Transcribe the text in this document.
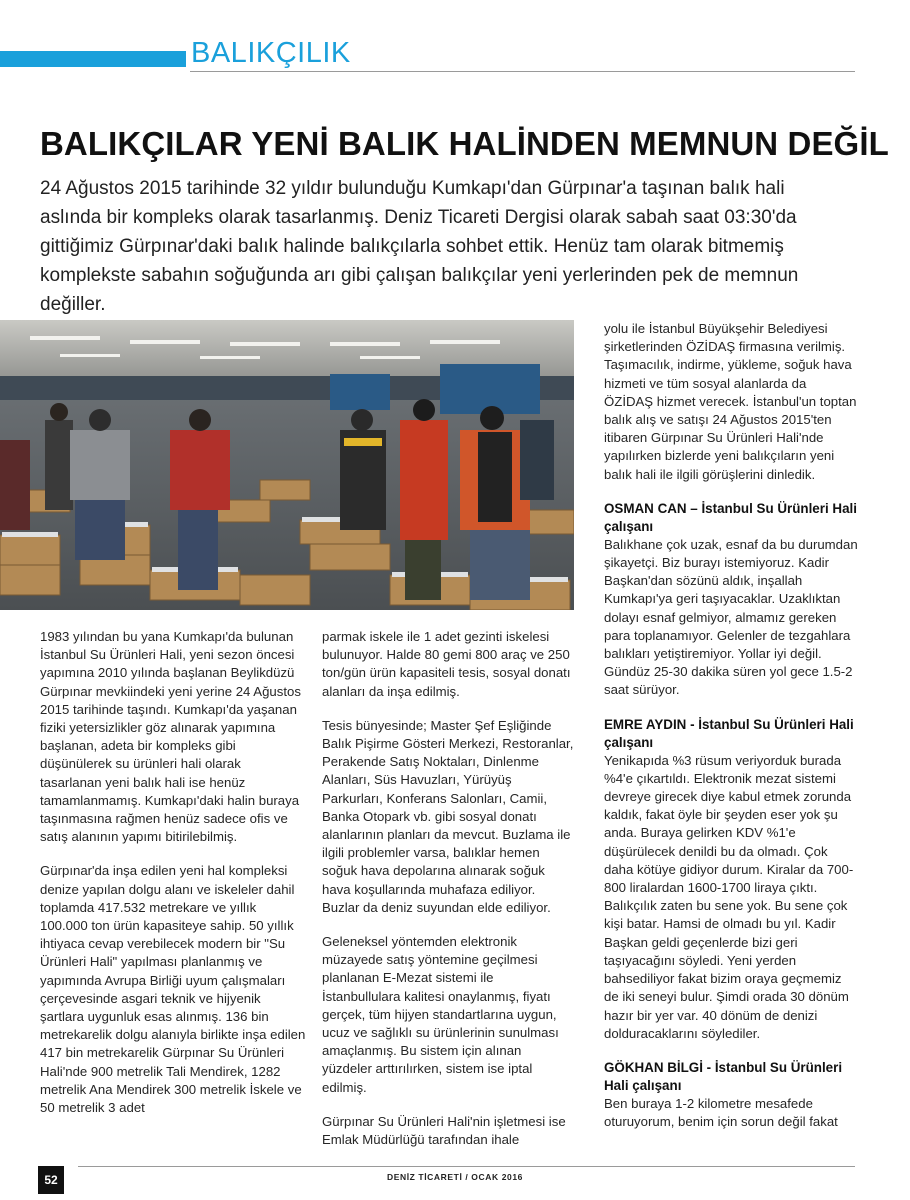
BALIKÇILIK
BALIKÇILAR YENİ BALIK HALİNDEN MEMNUN DEĞİL
24 Ağustos 2015 tarihinde 32 yıldır bulunduğu Kumkapı'dan Gürpınar'a taşınan balık hali aslında bir kompleks olarak tasarlanmış. Deniz Ticareti Dergisi olarak sabah saat 03:30'da gittiğimiz Gürpınar'daki balık halinde balıkçılarla sohbet ettik. Henüz tam olarak bitmemiş komplekste sabahın soğuğunda arı gibi çalışan balıkçılar yeni yerlerinden pek de memnun değiller.

1983 yılından bu yana Kumkapı'da bulunan İstanbul Su Ürünleri Hali, yeni sezon öncesi yapımına 2010 yılında başlanan Beylikdüzü Gürpınar mevkiindeki yeni yerine 24 Ağustos 2015 tarihinde taşındı. Kumkapı'da yaşanan fiziki yetersizlikler göz alınarak yapımına başlanan, adeta bir kompleks gibi düşünülerek su ürünleri hali olarak tasarlanan yeni balık hali ise henüz tamamlanmamış. Kumkapı'daki halin buraya taşınmasına rağmen henüz sadece ofis ve satış alanının yapımı bitirilebilmiş.

Gürpınar'da inşa edilen yeni hal kompleksi denize yapılan dolgu alanı ve iskeleler dahil toplamda 417.532 metrekare ve yıllık 100.000 ton ürün kapasiteye sahip. 50 yıllık ihtiyaca cevap verebilecek modern bir "Su Ürünleri Hali" yapılması planlanmış ve yapımında Avrupa Birliği uyum çalışmaları çerçevesinde asgari teknik ve hijyenik şartlara uygunluk esas alınmış. 136 bin metrekarelik dolgu alanıyla birlikte inşa edilen 417 bin metrekarelik Gürpınar Su Ürünleri Hali'nde 900 metrelik Tali Mendirek, 1282 metrelik Ana Mendirek 300 metrelik İskele ve 50 metrelik 3 adet

parmak iskele ile 1 adet gezinti iskelesi bulunuyor. Halde 80 gemi 800 araç ve 250 ton/gün ürün kapasiteli tesis, sosyal donatı alanları da inşa edilmiş.

Tesis bünyesinde; Master Şef Eşliğinde Balık Pişirme Gösteri Merkezi, Restoranlar, Perakende Satış Noktaları, Dinlenme Alanları, Süs Havuzları, Yürüyüş Parkurları, Konferans Salonları, Camii, Banka Otopark vb. gibi sosyal donatı alanlarının planları da mevcut. Buzlama ile ilgili problemler varsa, balıklar hemen soğuk hava depolarına alınarak soğuk hava koşullarında muhafaza ediliyor. Buzlar da deniz suyundan elde ediliyor.

Geleneksel yöntemden elektronik müzayede satış yöntemine geçilmesi planlanan E-Mezat sistemi ile İstanbullulara kalitesi onaylanmış, fiyatı gerçek, tüm hijyen standartlarına uygun, ucuz ve sağlıklı su ürünlerinin sunulması amaçlanmış. Bu sistem için alınan yüzdeler arttırılırken, sistem ise iptal edilmiş.

Gürpınar Su Ürünleri Hali'nin işletmesi ise Emlak Müdürlüğü tarafından ihale

yolu ile İstanbul Büyükşehir Belediyesi şirketlerinden ÖZİDAŞ firmasına verilmiş. Taşımacılık, indirme, yükleme, soğuk hava hizmeti ve tüm sosyal alanlarda da ÖZİDAŞ hizmet verecek. İstanbul'un toptan balık alış ve satışı 24 Ağustos 2015'ten itibaren Gürpınar Su Ürünleri Hali'nde yapılırken bizlerde yeni balıkçıların yeni balık hali ile ilgili görüşlerini dinledik.

OSMAN CAN – İstanbul Su Ürünleri Hali çalışanı

Balıkhane çok uzak, esnaf da bu durumdan şikayetçi. Biz burayı istemiyoruz. Kadir Başkan'dan sözünü aldık, inşallah Kumkapı'ya geri taşıyacaklar. Uzaklıktan dolayı esnaf gelmiyor, almamız gereken para toplanamıyor. Gelenler de tezgahlara balıkları yetiştiremiyor. Yollar iyi değil. Gündüz 25-30 dakika süren yol gece 1.5-2 saat sürüyor.

EMRE AYDIN - İstanbul Su Ürünleri Hali çalışanı

Yenikapıda %3 rüsum veriyorduk burada %4'e çıkartıldı. Elektronik mezat sistemi devreye girecek diye kabul etmek zorunda kaldık, fakat öyle bir şeyden eser yok şu anda. Buraya gelirken KDV %1'e düşürülecek denildi bu da olmadı. Çok daha kötüye gidiyor durum. Kiralar da 700-800 liralardan 1600-1700 liraya çıktı. Balıkçılık zaten bu sene yok. Bu sene çok kişi batar. Hamsi de olmadı bu yıl. Kadir Başkan geldi geçenlerde bizi geri taşıyacağını söyledi. Yeni yerden bahsediliyor fakat bizim oraya geçmemiz de iki seneyi bulur. Şimdi orada 30 dönüm hazır bir yer var. 40 dönüm de denizi dolduracaklarını söylediler.

GÖKHAN BİLGİ - İstanbul Su Ürünleri Hali çalışanı

Ben buraya 1-2 kilometre mesafede oturuyorum, benim için sorun değil fakat

52	DENİZ TİCARETİ / OCAK 2016
